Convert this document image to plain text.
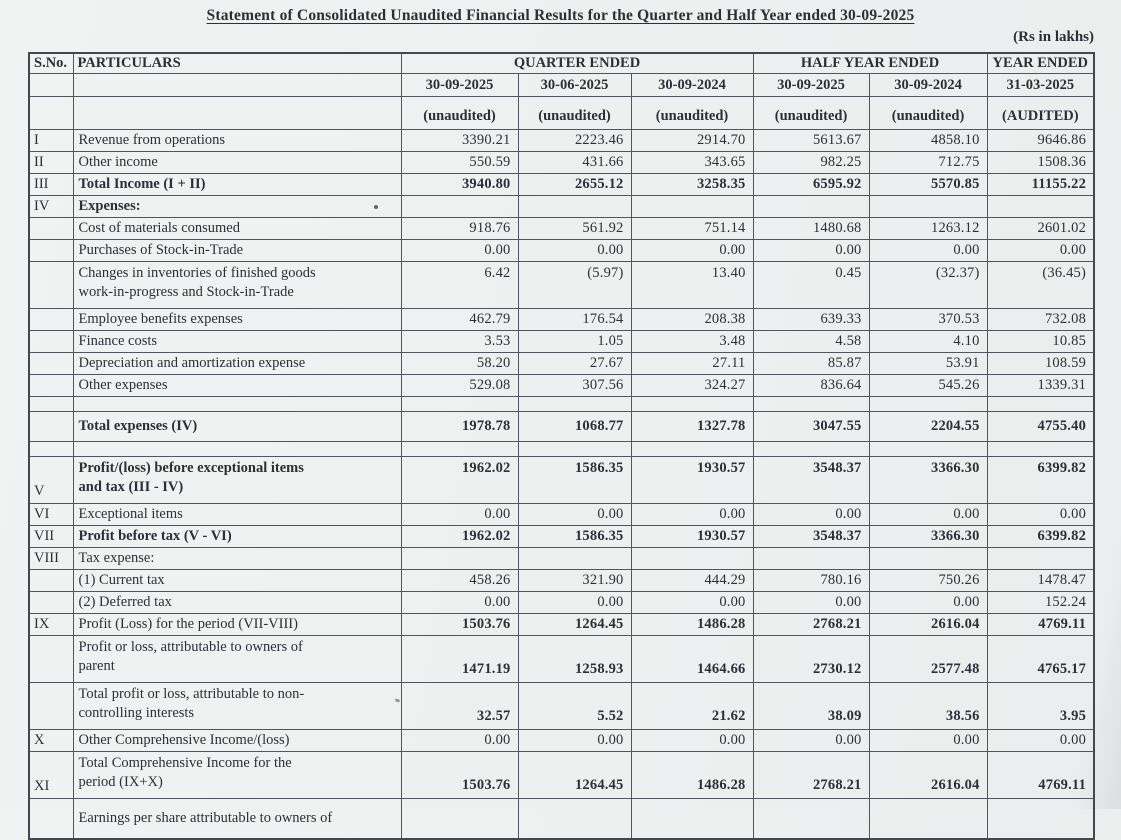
Statement of Consolidated Unaudited Financial Results for the Quarter and Half Year ended 30-09-2025
(Rs in lakhs)
S.No.	PARTICULARS	QUARTER ENDED			HALF YEAR ENDED		YEAR ENDED
		30-09-2025	30-06-2025	30-09-2024	30-09-2025	30-09-2024	31-03-2025
		(unaudited)	(unaudited)	(unaudited)	(unaudited)	(unaudited)	(AUDITED)
I	Revenue from operations	3390.21	2223.46	2914.70	5613.67	4858.10	9646.86
II	Other income	550.59	431.66	343.65	982.25	712.75	1508.36
III	Total Income (I + II)	3940.80	2655.12	3258.35	6595.92	5570.85	11155.22
IV	Expenses:						
	Cost of materials consumed	918.76	561.92	751.14	1480.68	1263.12	2601.02
	Purchases of Stock-in-Trade	0.00	0.00	0.00	0.00	0.00	0.00
	Changes in inventories of finished goods
work-in-progress and Stock-in-Trade	6.42	(5.97)	13.40	0.45	(32.37)	(36.45)
	Employee benefits expenses	462.79	176.54	208.38	639.33	370.53	732.08
	Finance costs	3.53	1.05	3.48	4.58	4.10	10.85
	Depreciation and amortization expense	58.20	27.67	27.11	85.87	53.91	108.59
	Other expenses	529.08	307.56	324.27	836.64	545.26	1339.31

	Total expenses (IV)	1978.78	1068.77	1327.78	3047.55	2204.55	4755.40

V	Profit/(loss) before exceptional items
and tax (III - IV)	1962.02	1586.35	1930.57	3548.37	3366.30	6399.82
VI	Exceptional items	0.00	0.00	0.00	0.00	0.00	0.00
VII	Profit before tax (V - VI)	1962.02	1586.35	1930.57	3548.37	3366.30	6399.82
VIII	Tax expense:						
	(1) Current tax	458.26	321.90	444.29	780.16	750.26	1478.47
	(2) Deferred tax	0.00	0.00	0.00	0.00	0.00	152.24
IX	Profit (Loss) for the period (VII-VIII)	1503.76	1264.45	1486.28	2768.21	2616.04	4769.11
	Profit or loss, attributable to owners of
parent	1471.19	1258.93	1464.66	2730.12	2577.48	4765.17
	Total profit or loss, attributable to non-
controlling interests	32.57	5.52	21.62	38.09	38.56	3.95
X	Other Comprehensive Income/(loss)	0.00	0.00	0.00	0.00	0.00	0.00
XI	Total Comprehensive Income for the
period (IX+X)	1503.76	1264.45	1486.28	2768.21	2616.04	4769.11
	Earnings per share attributable to owners of						
